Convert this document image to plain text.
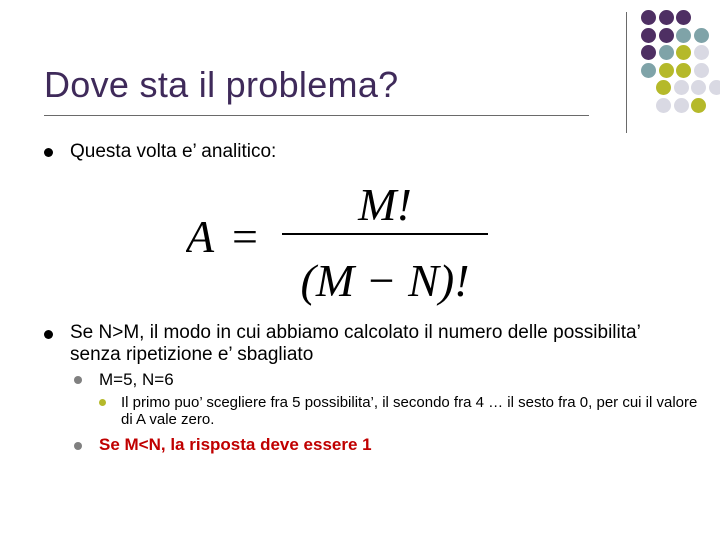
Dove sta il problema?
Questa volta e’ analitico:
A =
M!
(M − N)!
Se N>M, il modo in cui abbiamo calcolato il numero delle possibilita’ senza ripetizione e’ sbagliato
M=5, N=6
Il primo puo’ scegliere fra 5 possibilita’, il secondo fra 4 … il sesto fra 0, per cui il valore di A vale zero.
Se M<N, la risposta deve essere 1
